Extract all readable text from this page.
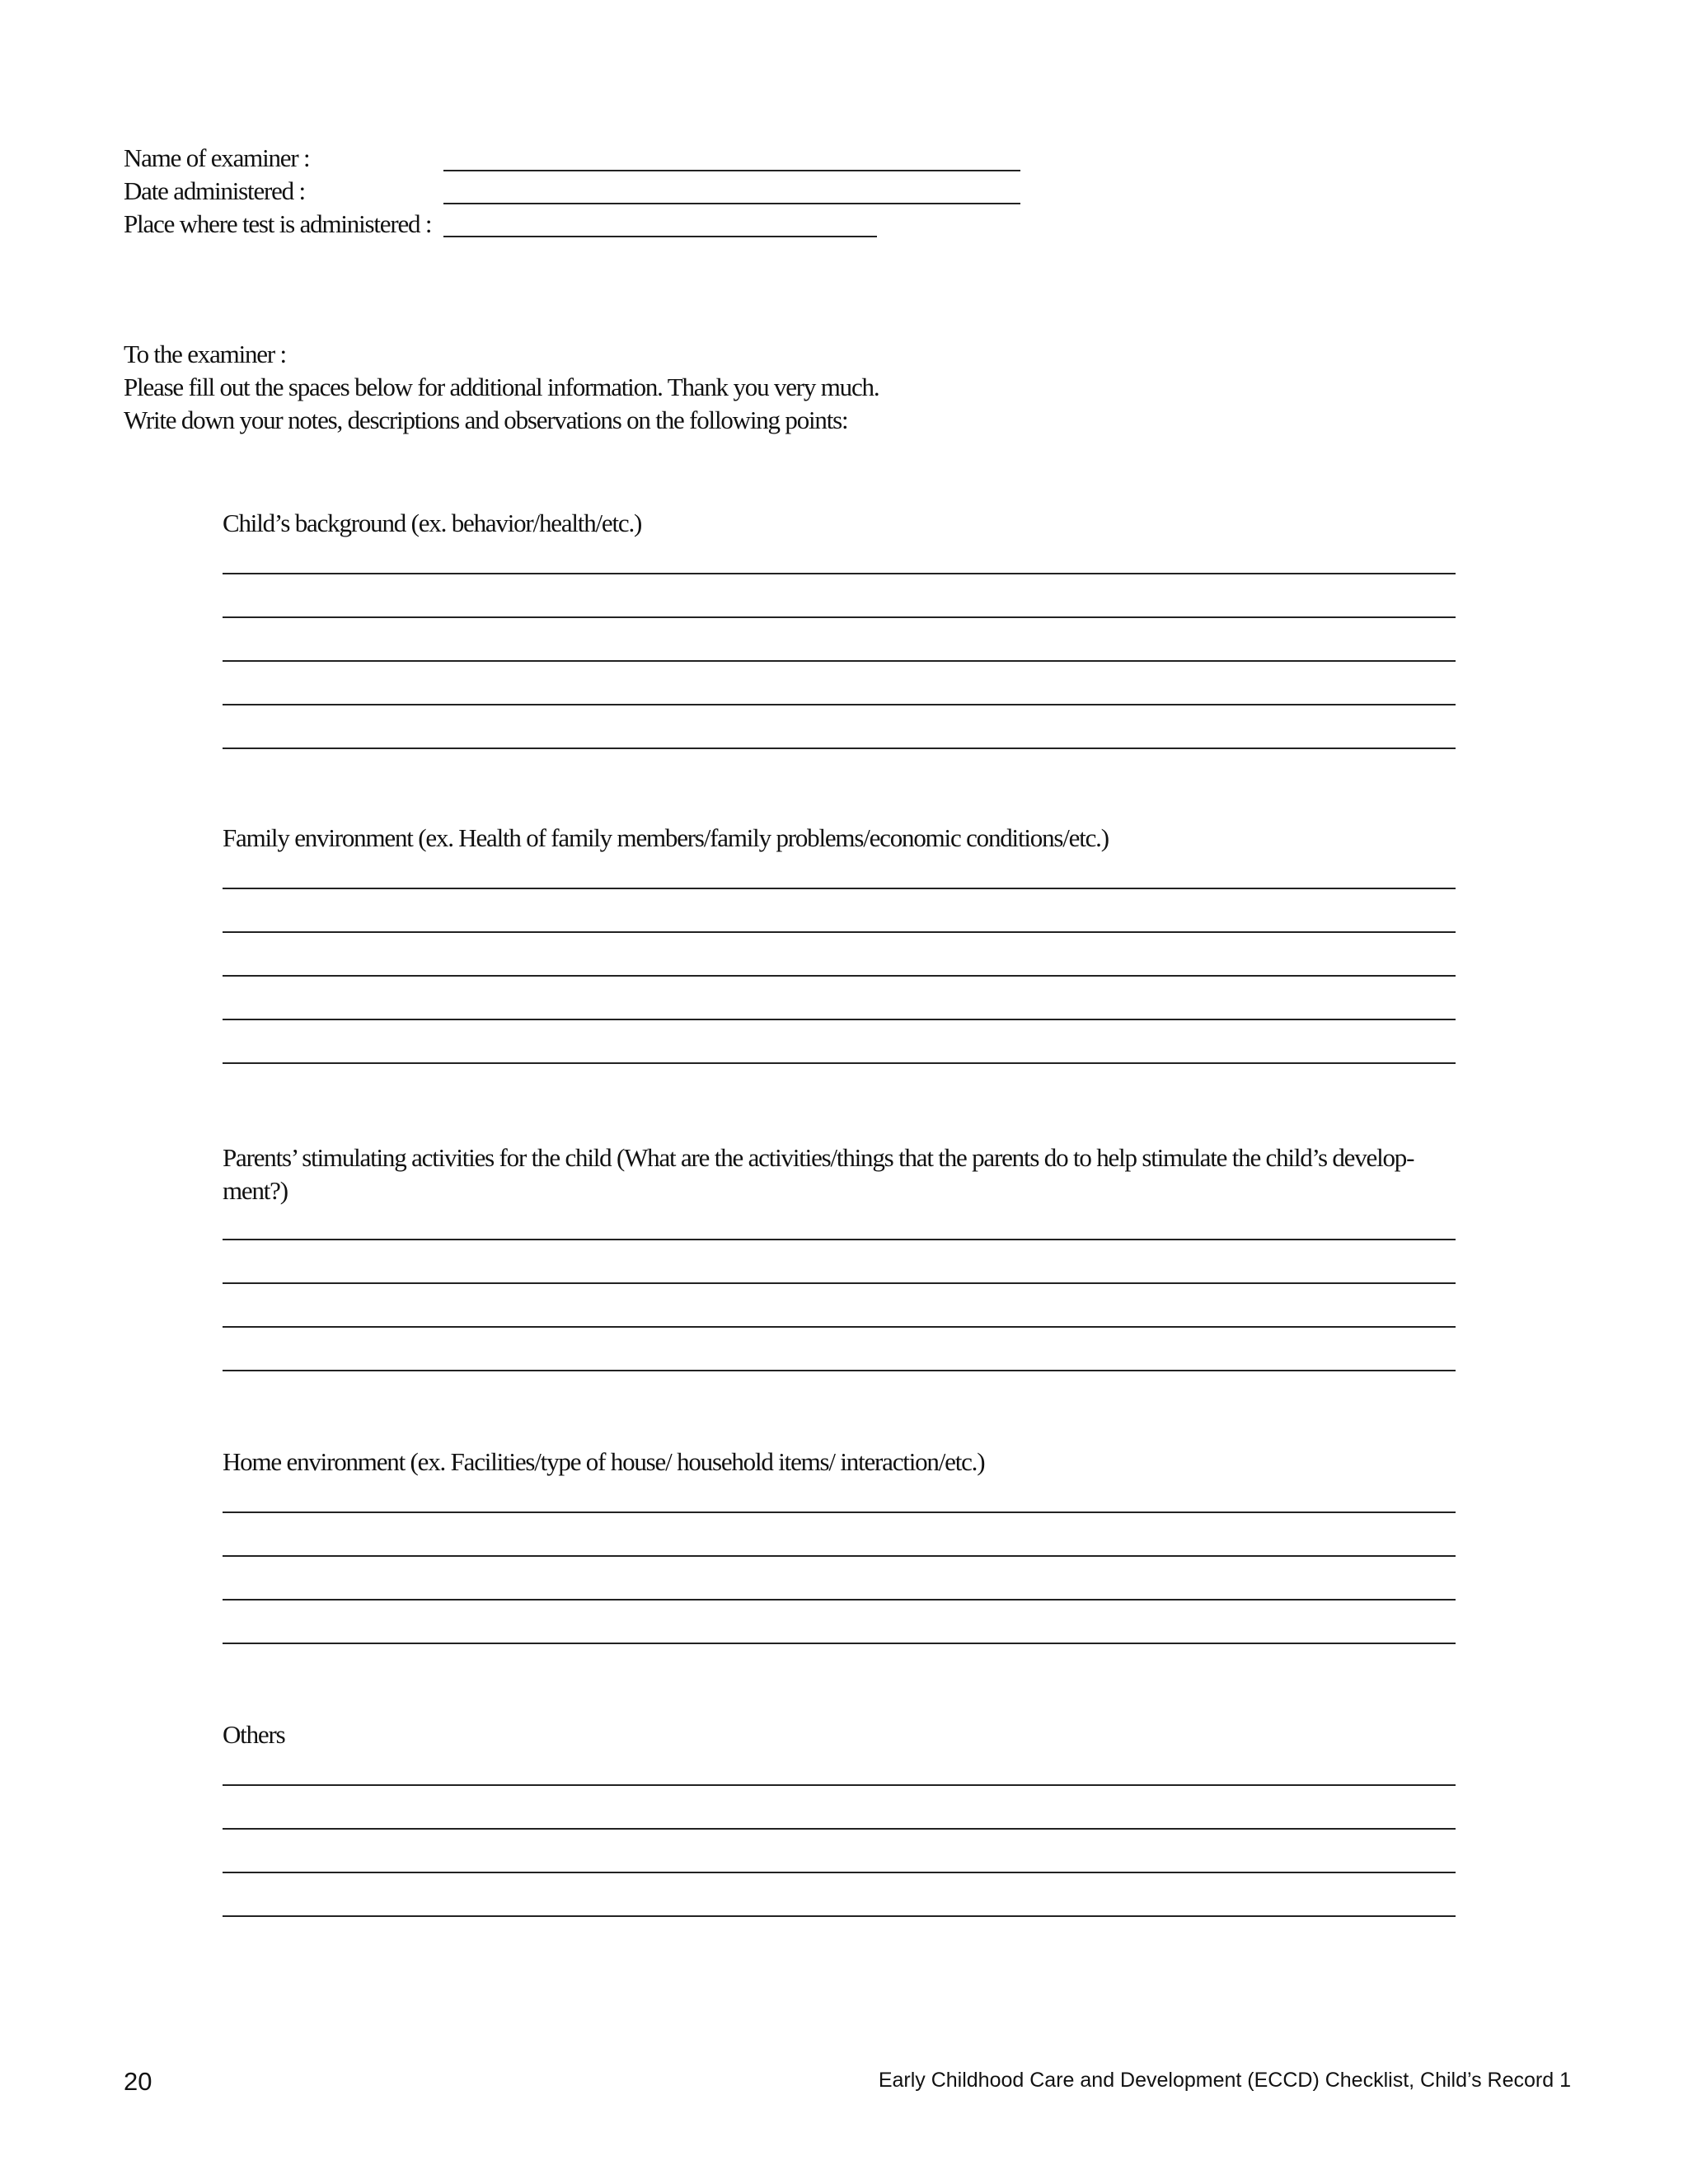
Name of examiner :
Date administered :
Place where test is administered :
To the examiner :
Please fill out the spaces below for additional information. Thank you very much.
Write down your notes, descriptions and observations on the following points:
Child’s background (ex. behavior/health/etc.)
Family environment (ex. Health of family members/family problems/economic conditions/etc.)
Parents’ stimulating activities for the child (What are the activities/things that the parents do to help stimulate the child’s develop-
ment?)
Home environment (ex. Facilities/type of house/ household items/ interaction/etc.)
Others
20	Early Childhood Care and Development (ECCD) Checklist, Child’s Record 1
